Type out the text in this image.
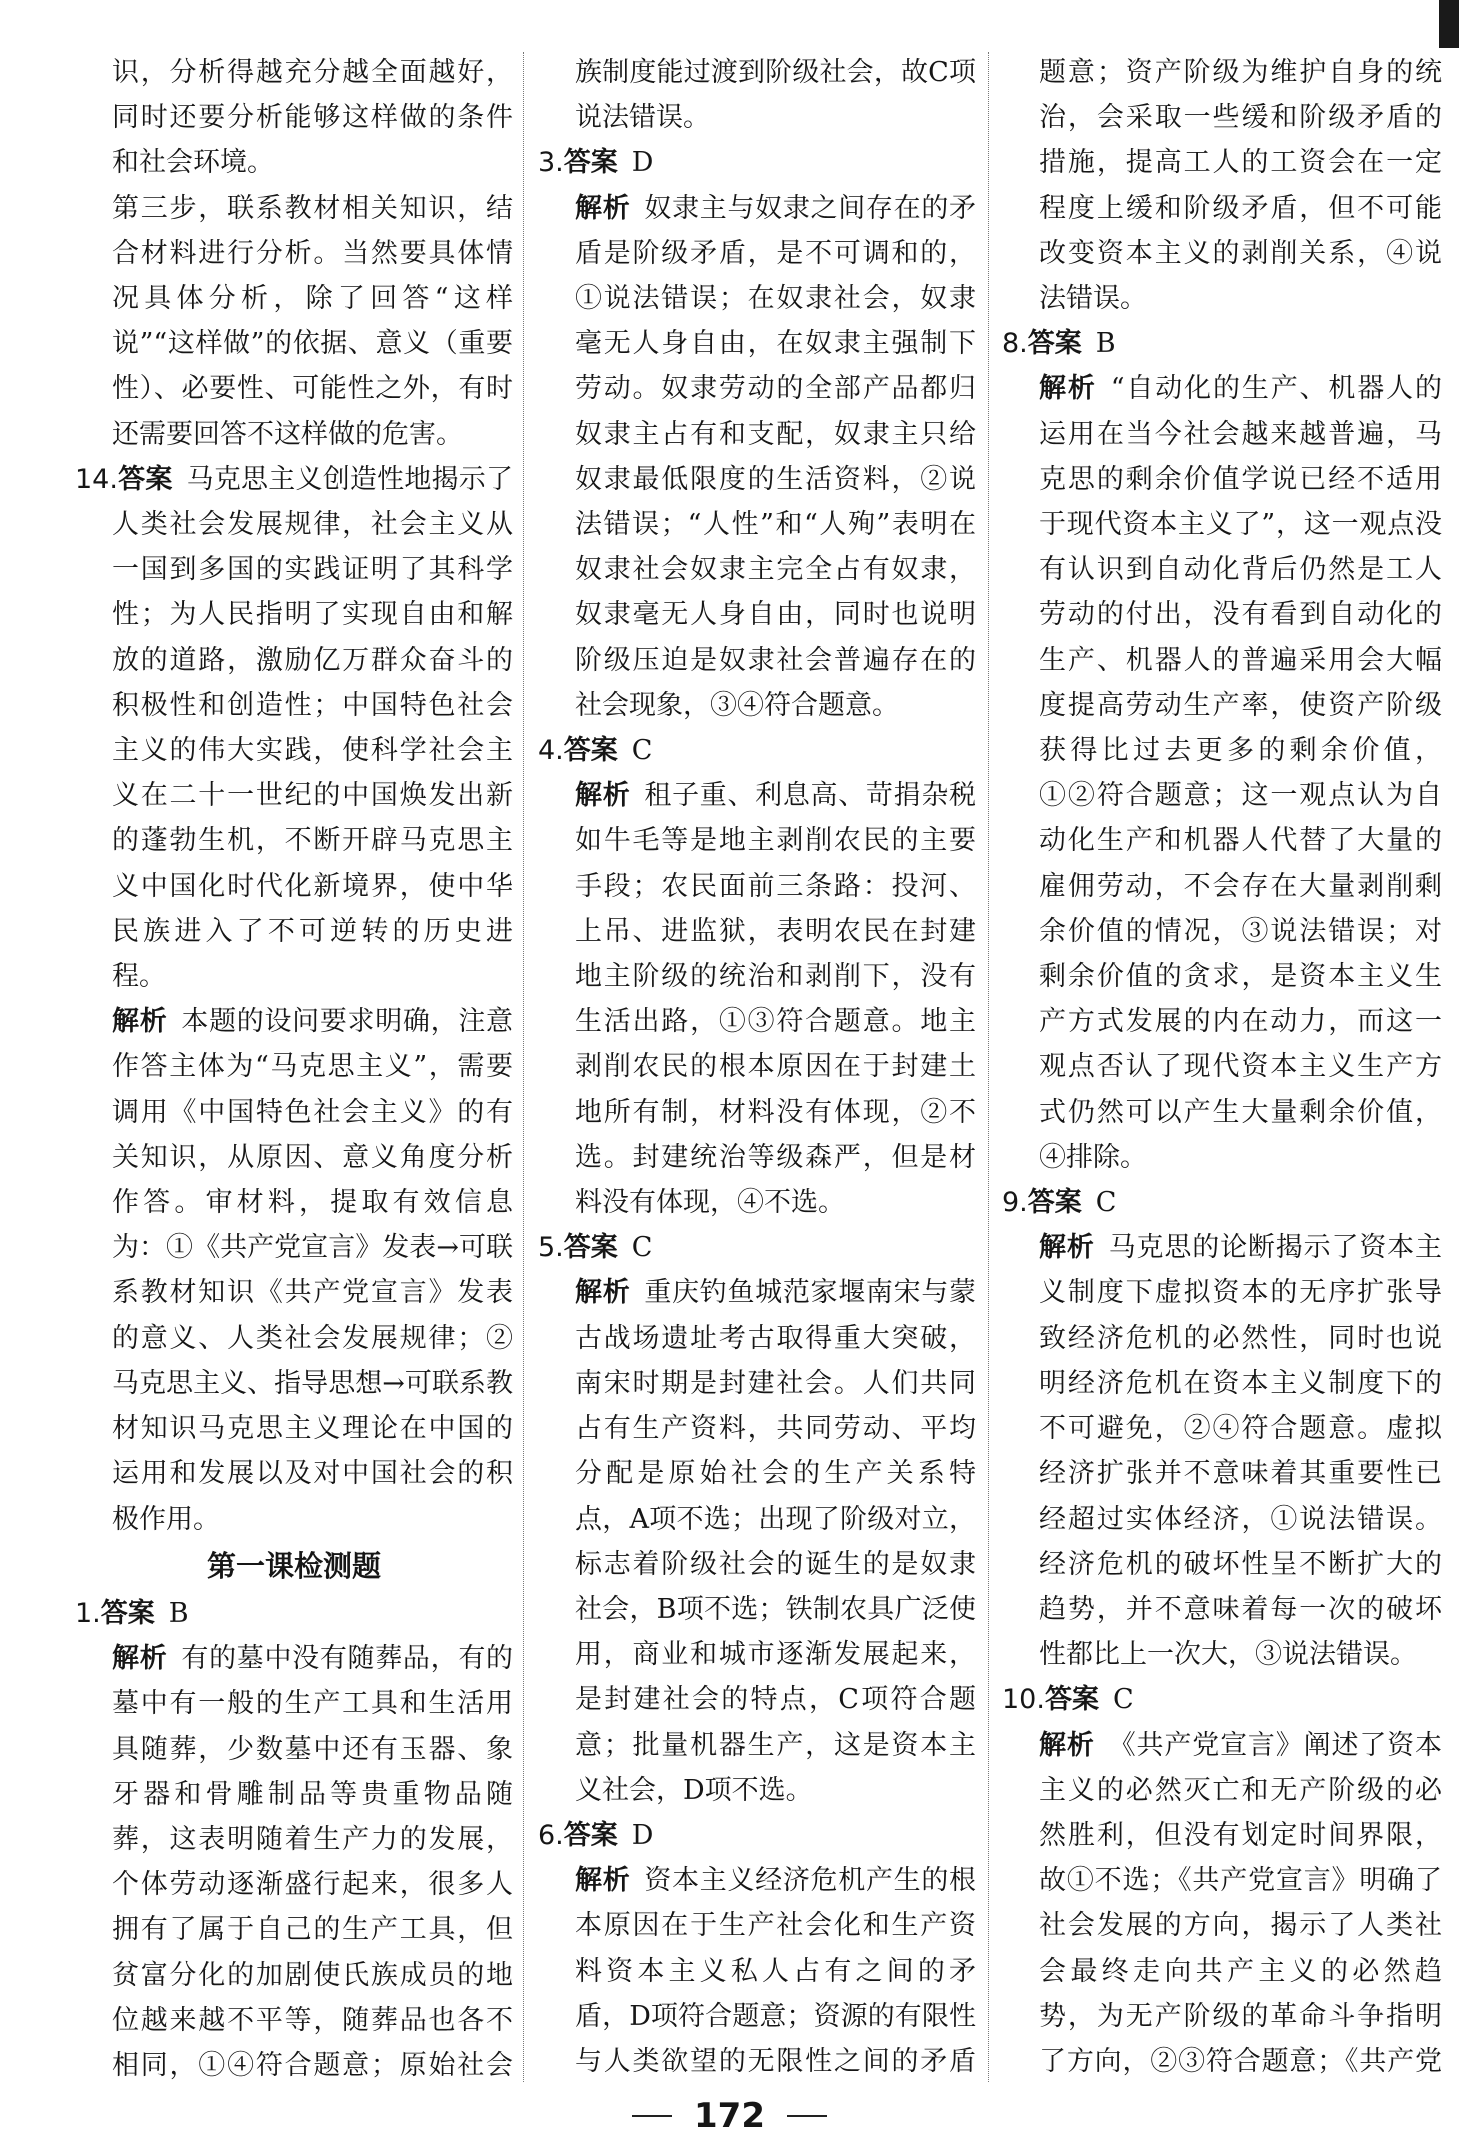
识，分析得越充分越全面越好，同时还要分析能够这样做的条件和社会环境。

第三步，联系教材相关知识，结合材料进行分析。当然要具体情况具体分析，除了回答“这样说”“这样做”的依据、意义（重要性）、必要性、可能性之外，有时还需要回答不这样做的危害。

14.答案 马克思主义创造性地揭示了人类社会发展规律，社会主义从一国到多国的实践证明了其科学性；为人民指明了实现自由和解放的道路，激励亿万群众奋斗的积极性和创造性；中国特色社会主义的伟大实践，使科学社会主义在二十一世纪的中国焕发出新的蓬勃生机，不断开辟马克思主义中国化时代化新境界，使中华民族进入了不可逆转的历史进程。

解析 本题的设问要求明确，注意作答主体为“马克思主义”，需要调用《中国特色社会主义》的有关知识，从原因、意义角度分析作答。审材料，提取有效信息为：①《共产党宣言》发表→可联系教材知识《共产党宣言》发表的意义、人类社会发展规律；②马克思主义、指导思想→可联系教材知识马克思主义理论在中国的运用和发展以及对中国社会的积极作用。

第一课检测题

1.答案 B

解析 有的墓中没有随葬品，有的墓中有一般的生产工具和生活用具随葬，少数墓中还有玉器、象牙器和骨雕制品等贵重物品随葬，这表明随着生产力的发展，个体劳动逐渐盛行起来，很多人拥有了属于自己的生产工具，但贫富分化的加剧使氏族成员的地位越来越不平等，随葬品也各不相同，①④符合题意；原始社会

族制度能过渡到阶级社会，故C项说法错误。

3.答案 D

解析 奴隶主与奴隶之间存在的矛盾是阶级矛盾，是不可调和的，①说法错误；在奴隶社会，奴隶毫无人身自由，在奴隶主强制下劳动。奴隶劳动的全部产品都归奴隶主占有和支配，奴隶主只给奴隶最低限度的生活资料，②说法错误；“人性”和“人殉”表明在奴隶社会奴隶主完全占有奴隶，奴隶毫无人身自由，同时也说明阶级压迫是奴隶社会普遍存在的社会现象，③④符合题意。

4.答案 C

解析 租子重、利息高、苛捐杂税如牛毛等是地主剥削农民的主要手段；农民面前三条路：投河、上吊、进监狱，表明农民在封建地主阶级的统治和剥削下，没有生活出路，①③符合题意。地主剥削农民的根本原因在于封建土地所有制，材料没有体现，②不选。封建统治等级森严，但是材料没有体现，④不选。

5.答案 C

解析 重庆钓鱼城范家堰南宋与蒙古战场遗址考古取得重大突破，南宋时期是封建社会。人们共同占有生产资料，共同劳动、平均分配是原始社会的生产关系特点，A项不选；出现了阶级对立，标志着阶级社会的诞生的是奴隶社会，B项不选；铁制农具广泛使用，商业和城市逐渐发展起来，是封建社会的特点，C项符合题意；批量机器生产，这是资本主义社会，D项不选。

6.答案 D

解析 资本主义经济危机产生的根本原因在于生产社会化和生产资料资本主义私人占有之间的矛盾，D项符合题意；资源的有限性与人类欲望的无限性之间的矛盾

题意；资产阶级为维护自身的统治，会采取一些缓和阶级矛盾的措施，提高工人的工资会在一定程度上缓和阶级矛盾，但不可能改变资本主义的剥削关系，④说法错误。

8.答案 B

解析 “自动化的生产、机器人的运用在当今社会越来越普遍，马克思的剩余价值学说已经不适用于现代资本主义了”，这一观点没有认识到自动化背后仍然是工人劳动的付出，没有看到自动化的生产、机器人的普遍采用会大幅度提高劳动生产率，使资产阶级获得比过去更多的剩余价值，①②符合题意；这一观点认为自动化生产和机器人代替了大量的雇佣劳动，不会存在大量剥削剩余价值的情况，③说法错误；对剩余价值的贪求，是资本主义生产方式发展的内在动力，而这一观点否认了现代资本主义生产方式仍然可以产生大量剩余价值，④排除。

9.答案 C

解析 马克思的论断揭示了资本主义制度下虚拟资本的无序扩张导致经济危机的必然性，同时也说明经济危机在资本主义制度下的不可避免，②④符合题意。虚拟经济扩张并不意味着其重要性已经超过实体经济，①说法错误。经济危机的破坏性呈不断扩大的趋势，并不意味着每一次的破坏性都比上一次大，③说法错误。

10.答案 C

解析 《共产党宣言》阐述了资本主义的必然灭亡和无产阶级的必然胜利，但没有划定时间界限，故①不选；《共产党宣言》明确了社会发展的方向，揭示了人类社会最终走向共产主义的必然趋势，为无产阶级的革命斗争指明了方向，②③符合题意；《共产党

172
